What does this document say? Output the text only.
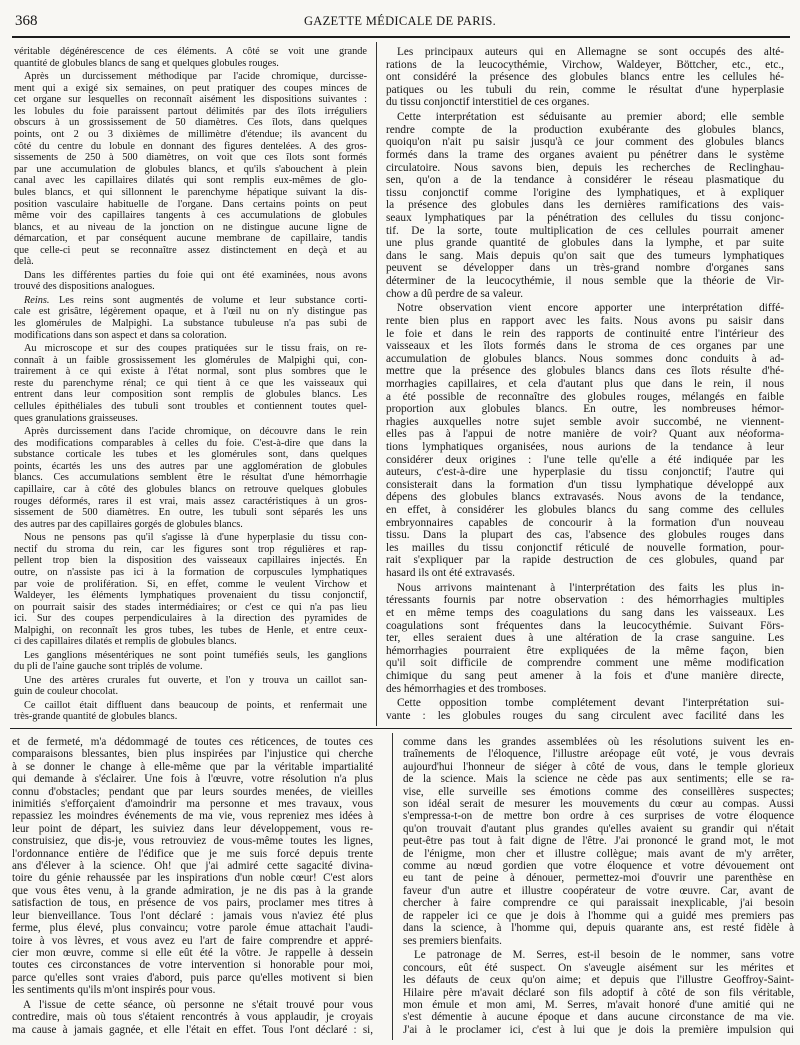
368	GAZETTE MÉDICALE DE PARIS.
véritable dégénérescence de ces éléments. A côté se voit une grande
quantité de globules blancs de sang et quelques globules rouges.
Après un durcissement méthodique par l'acide chromique, durcisse-
ment qui a exigé six semaines, on peut pratiquer des coupes minces de
cet organe sur lesquelles on reconnaît aisément les dispositions suivantes :
les lobules du foie paraissent partout délimités par des îlots irréguliers
obscurs à un grossissement de 50 diamètres. Ces îlots, dans quelques
points, ont 2 ou 3 dixièmes de millimètre d'étendue; ils avancent du
côté du centre du lobule en donnant des figures dentelées. A des gros-
sissements de 250 à 500 diamètres, on voit que ces îlots sont formés
par une accumulation de globules blancs, et qu'ils s'abouchent à plein
canal avec les capillaires dilatés qui sont remplis eux-mêmes de glo-
bules blancs, et qui sillonnent le parenchyme hépatique suivant la dis-
position vasculaire habituelle de l'organe. Dans certains points on peut
même voir des capillaires tangents à ces accumulations de globules
blancs, et au niveau de la jonction on ne distingue aucune ligne de
démarcation, et par conséquent aucune membrane de capillaire, tandis
que celle-ci peut se reconnaître assez distinctement en deçà et au
delà.
Dans les différentes parties du foie qui ont été examinées, nous avons
trouvé des dispositions analogues.
Reins. Les reins sont augmentés de volume et leur substance corti-
cale est grisâtre, légèrement opaque, et à l'œil nu on n'y distingue pas
les glomérules de Malpighi. La substance tubuleuse n'a pas subi de
modifications dans son aspect et dans sa coloration.
Au microscope et sur des coupes pratiquées sur le tissu frais, on re-
connaît à un faible grossissement les glomérules de Malpighi qui, con-
trairement à ce qui existe à l'état normal, sont plus sombres que le
reste du parenchyme rénal; ce qui tient à ce que les vaisseaux qui
entrent dans leur composition sont remplis de globules blancs. Les
cellules épithéliales des tubuli sont troubles et contiennent toutes quel-
ques granulations graisseuses.
Après durcissement dans l'acide chromique, on découvre dans le rein
des modifications comparables à celles du foie. C'est-à-dire que dans la
substance corticale les tubes et les glomérules sont, dans quelques
points, écartés les uns des autres par une agglomération de globules
blancs. Ces accumulations semblent être le résultat d'une hémorrhagie
capillaire, car à côté des globules blancs on retrouve quelques globules
rouges déformés, rares il est vrai, mais assez caractéristiques à un gros-
sissement de 500 diamètres. En outre, les tubuli sont séparés les uns
des autres par des capillaires gorgés de globules blancs.
Nous ne pensons pas qu'il s'agisse là d'une hyperplasie du tissu con-
nectif du stroma du rein, car les figures sont trop régulières et rap-
pellent trop bien la disposition des vaisseaux capillaires injectés. En
outre, on n'assiste pas ici à la formation de corpuscules lymphatiques
par voie de prolifération. Si, en effet, comme le veulent Virchow et
Waldeyer, les éléments lymphatiques provenaient du tissu conjonctif,
on pourrait saisir des stades intermédiaires; or c'est ce qui n'a pas lieu
ici. Sur des coupes perpendiculaires à la direction des pyramides de
Malpighi, on reconnaît les gros tubes, les tubes de Henle, et entre ceux-
ci des capillaires dilatés et remplis de globules blancs.
Les ganglions mésentériques ne sont point tuméfiés seuls, les ganglions
du pli de l'aine gauche sont triplés de volume.
Une des artères crurales fut ouverte, et l'on y trouva un caillot san-
guin de couleur chocolat.
Ce caillot était diffluent dans beaucoup de points, et renfermait une
très-grande quantité de globules blancs.
Les principaux auteurs qui en Allemagne se sont occupés des alté-
rations de la leucocythémie, Virchow, Waldeyer, Böttcher, etc., etc.,
ont considéré la présence des globules blancs entre les cellules hé-
patiques ou les tubuli du rein, comme le résultat d'une hyperplasie
du tissu conjonctif interstitiel de ces organes.
Cette interprétation est séduisante au premier abord; elle semble
rendre compte de la production exubérante des globules blancs,
quoiqu'on n'ait pu saisir jusqu'à ce jour comment des globules blancs
formés dans la trame des organes avaient pu pénétrer dans le système
circulatoire. Nous savons bien, depuis les recherches de Reclinghau-
sen, qu'on a de la tendance à considérer le réseau plasmatique du
tissu conjonctif comme l'origine des lymphatiques, et à expliquer
la présence des globules dans les dernières ramifications des vais-
seaux lymphatiques par la pénétration des cellules du tissu conjonc-
tif. De la sorte, toute multiplication de ces cellules pourrait amener
une plus grande quantité de globules dans la lymphe, et par suite
dans le sang. Mais depuis qu'on sait que des tumeurs lymphatiques
peuvent se développer dans un très-grand nombre d'organes sans
déterminer de la leucocythémie, il nous semble que la théorie de Vir-
chow a dû perdre de sa valeur.
Notre observation vient encore apporter une interprétation diffé-
rente bien plus en rapport avec les faits. Nous avons pu saisir dans
le foie et dans le rein des rapports de continuité entre l'intérieur des
vaisseaux et les îlots formés dans le stroma de ces organes par une
accumulation de globules blancs. Nous sommes donc conduits à ad-
mettre que la présence des globules blancs dans ces îlots résulte d'hé-
morrhagies capillaires, et cela d'autant plus que dans le rein, il nous
a été possible de reconnaître des globules rouges, mélangés en faible
proportion aux globules blancs. En outre, les nombreuses hémor-
rhagies auxquelles notre sujet semble avoir succombé, ne viennent-
elles pas à l'appui de notre manière de voir? Quant aux néoforma-
tions lymphatiques organisées, nous aurions de la tendance à leur
considérer deux origines : l'une telle qu'elle a été indiquée par les
auteurs, c'est-à-dire une hyperplasie du tissu conjonctif; l'autre qui
consisterait dans la formation d'un tissu lymphatique développé aux
dépens des globules blancs extravasés. Nous avons de la tendance,
en effet, à considérer les globules blancs du sang comme des cellules
embryonnaires capables de concourir à la formation d'un nouveau
tissu. Dans la plupart des cas, l'absence des globules rouges dans
les mailles du tissu conjonctif réticulé de nouvelle formation, pour-
rait s'expliquer par la rapide destruction de ces globules, quand par
hasard ils ont été extravasés.
Nous arrivons maintenant à l'interprétation des faits les plus in-
téressants fournis par notre observation : des hémorrhagies multiples
et en même temps des coagulations du sang dans les vaisseaux. Les
coagulations sont fréquentes dans la leucocythémie. Suivant Förs-
ter, elles seraient dues à une altération de la crase sanguine. Les
hémorrhagies pourraient être expliquées de la même façon, bien
qu'il soit difficile de comprendre comment une même modification
chimique du sang peut amener à la fois et d'une manière directe,
des hémorrhagies et des tromboses.
Cette opposition tombe complétement devant l'interprétation sui-
vante : les globules rouges du sang circulent avec facilité dans les
et de fermeté, m'a dédommagé de toutes ces réticences, de toutes ces
comparaisons blessantes, bien plus inspirées par l'injustice qui cherche
à se donner le change à elle-même que par la véritable impartialité
qui demande à s'éclairer. Une fois à l'œuvre, votre résolution n'a plus
connu d'obstacles; pendant que par leurs sourdes menées, de vieilles
inimitiés s'efforçaient d'amoindrir ma personne et mes travaux, vous
repassiez les moindres événements de ma vie, vous repreniez mes idées à
leur point de départ, les suiviez dans leur développement, vous re-
construisiez, que dis-je, vous retrouviez de vous-même toutes les lignes,
l'ordonnance entière de l'édifice que je me suis forcé depuis trente
ans d'élever à la science. Oh! que j'ai admiré cette sagacité divina-
toire du génie rehaussée par les inspirations d'un noble cœur! C'est alors
que vous êtes venu, à la grande admiration, je ne dis pas à la grande
satisfaction de tous, en présence de vos pairs, proclamer mes titres à
leur bienveillance. Tous l'ont déclaré : jamais vous n'aviez été plus
ferme, plus élevé, plus convaincu; votre parole émue attachait l'audi-
toire à vos lèvres, et vous avez eu l'art de faire comprendre et appré-
cier mon œuvre, comme si elle eût été la vôtre. Je rappelle à dessein
toutes ces circonstances de votre intervention si honorable pour moi,
parce qu'elles sont vraies d'abord, puis parce qu'elles motivent si bien
les sentiments qu'ils m'ont inspirés pour vous.
A l'issue de cette séance, où personne ne s'était trouvé pour vous
contredire, mais où tous s'étaient rencontrés à vous applaudir, je croyais
ma cause à jamais gagnée, et elle l'était en effet. Tous l'ont déclaré : si,
comme dans les grandes assemblées où les résolutions suivent les en-
traînements de l'éloquence, l'illustre aréopage eût voté, je vous devrais
aujourd'hui l'honneur de siéger à côté de vous, dans le temple glorieux
de la science. Mais la science ne cède pas aux sentiments; elle se ra-
vise, elle surveille ses émotions comme des conseillères suspectes;
son idéal serait de mesurer les mouvements du cœur au compas. Aussi
s'empressa-t-on de mettre bon ordre à ces surprises de votre éloquence
qu'on trouvait d'autant plus grandes qu'elles avaient su grandir qui n'était
peut-être pas tout à fait digne de l'être. J'ai prononcé le grand mot, le mot
de l'énigme, mon cher et illustre collègue; mais avant de m'y arrêter,
comme au nœud gordien que votre éloquence et votre dévouement ont
eu tant de peine à dénouer, permettez-moi d'ouvrir une parenthèse en
faveur d'un autre et illustre coopérateur de votre œuvre. Car, avant de
chercher à faire comprendre ce qui paraissait inexplicable, j'ai besoin
de rappeler ici ce que je dois à l'homme qui a guidé mes premiers pas
dans la science, à l'homme qui, depuis quarante ans, est resté fidèle à
ses premiers bienfaits.
Le patronage de M. Serres, est-il besoin de le nommer, sans votre
concours, eût été suspect. On s'aveugle aisément sur les mérites et
les défauts de ceux qu'on aime; et depuis que l'illustre Geoffroy-Saint-
Hilaire père m'avait déclaré son fils adoptif à côté de son fils véritable,
mon émule et mon ami, M. Serres, m'avait honoré d'une amitié qui ne
s'est démentie à aucune époque et dans aucune circonstance de ma vie.
J'ai à le proclamer ici, c'est à lui que je dois la première impulsion qui
